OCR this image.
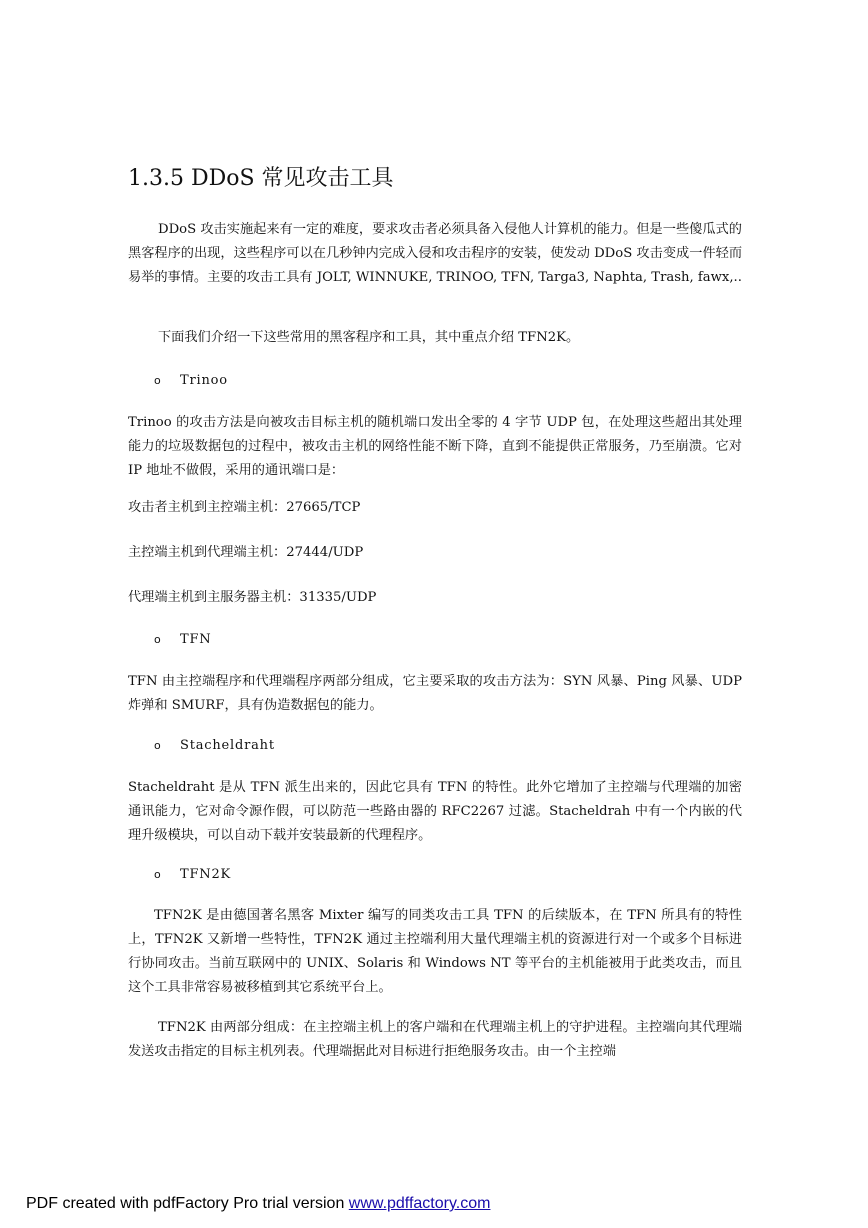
1.3.5 DDoS 常见攻击工具

DDoS 攻击实施起来有一定的难度，要求攻击者必须具备入侵他人计算机的能力。但是一些傻瓜式的黑客程序的出现，这些程序可以在几秒钟内完成入侵和攻击程序的安装，使发动 DDoS 攻击变成一件轻而易举的事情。主要的攻击工具有 JOLT, WINNUKE, TRINOO, TFN, Targa3, Naphta, Trash, fawx,..

下面我们介绍一下这些常用的黑客程序和工具，其中重点介绍 TFN2K。

o Trinoo

Trinoo 的攻击方法是向被攻击目标主机的随机端口发出全零的 4 字节 UDP 包，在处理这些超出其处理能力的垃圾数据包的过程中，被攻击主机的网络性能不断下降，直到不能提供正常服务，乃至崩溃。它对 IP 地址不做假，采用的通讯端口是：

攻击者主机到主控端主机：27665/TCP
主控端主机到代理端主机：27444/UDP
代理端主机到主服务器主机：31335/UDP
o TFN

TFN 由主控端程序和代理端程序两部分组成，它主要采取的攻击方法为：SYN 风暴、Ping 风暴、UDP 炸弹和 SMURF，具有伪造数据包的能力。

o Stacheldraht

Stacheldraht 是从 TFN 派生出来的，因此它具有 TFN 的特性。此外它增加了主控端与代理端的加密通讯能力，它对命令源作假，可以防范一些路由器的 RFC2267 过滤。Stacheldrah 中有一个内嵌的代理升级模块，可以自动下载并安装最新的代理程序。

o TFN2K

TFN2K 是由德国著名黑客 Mixter 编写的同类攻击工具 TFN 的后续版本，在 TFN 所具有的特性上，TFN2K 又新增一些特性，TFN2K 通过主控端利用大量代理端主机的资源进行对一个或多个目标进行协同攻击。当前互联网中的 UNIX、Solaris 和 Windows NT 等平台的主机能被用于此类攻击，而且这个工具非常容易被移植到其它系统平台上。

TFN2K 由两部分组成：在主控端主机上的客户端和在代理端主机上的守护进程。主控端向其代理端发送攻击指定的目标主机列表。代理端据此对目标进行拒绝服务攻击。由一个主控端

PDF created with pdfFactory Pro trial version www.pdffactory.com
